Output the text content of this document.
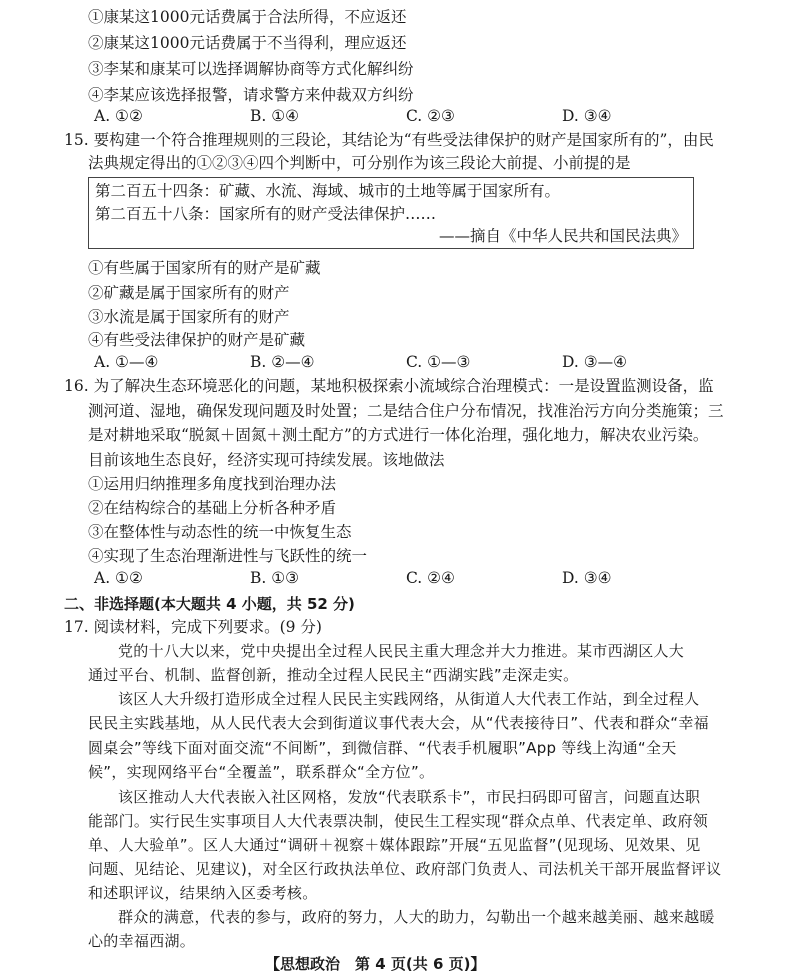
①康某这1000元话费属于合法所得，不应返还
②康某这1000元话费属于不当得利，理应返还
③李某和康某可以选择调解协商等方式化解纠纷
④李某应该选择报警，请求警方来仲裁双方纠纷
A. ①②	B. ①④	C. ②③	D. ③④
15. 要构建一个符合推理规则的三段论，其结论为“有些受法律保护的财产是国家所有的”，由民
法典规定得出的①②③④四个判断中，可分别作为该三段论大前提、小前提的是
第二百五十四条：矿藏、水流、海域、城市的土地等属于国家所有。
第二百五十八条：国家所有的财产受法律保护……
——摘自《中华人民共和国民法典》
①有些属于国家所有的财产是矿藏
②矿藏是属于国家所有的财产
③水流是属于国家所有的财产
④有些受法律保护的财产是矿藏
A. ①—④	B. ②—④	C. ①—③	D. ③—④
16. 为了解决生态环境恶化的问题，某地积极探索小流域综合治理模式：一是设置监测设备，监
测河道、湿地，确保发现问题及时处置；二是结合住户分布情况，找准治污方向分类施策；三
是对耕地采取“脱氮＋固氮＋测土配方”的方式进行一体化治理，强化地力，解决农业污染。
目前该地生态良好，经济实现可持续发展。该地做法
①运用归纳推理多角度找到治理办法
②在结构综合的基础上分析各种矛盾
③在整体性与动态性的统一中恢复生态
④实现了生态治理渐进性与飞跃性的统一
A. ①②	B. ①③	C. ②④	D. ③④
二、非选择题(本大题共 4 小题，共 52 分)
17. 阅读材料，完成下列要求。(9 分)
党的十八大以来，党中央提出全过程人民民主重大理念并大力推进。某市西湖区人大
通过平台、机制、监督创新，推动全过程人民民主“西湖实践”走深走实。
该区人大升级打造形成全过程人民民主实践网络，从街道人大代表工作站，到全过程人
民民主实践基地，从人民代表大会到街道议事代表大会，从“代表接待日”、代表和群众“幸福
圆桌会”等线下面对面交流“不间断”，到微信群、“代表手机履职”App 等线上沟通“全天
候”，实现网络平台“全覆盖”，联系群众“全方位”。
该区推动人大代表嵌入社区网格，发放“代表联系卡”，市民扫码即可留言，问题直达职
能部门。实行民生实事项目人大代表票决制，使民生工程实现“群众点单、代表定单、政府领
单、人大验单”。区人大通过“调研＋视察＋媒体跟踪”开展“五见监督”(见现场、见效果、见
问题、见结论、见建议)，对全区行政执法单位、政府部门负责人、司法机关干部开展监督评议
和述职评议，结果纳入区委考核。
群众的满意，代表的参与，政府的努力，人大的助力，勾勒出一个越来越美丽、越来越暖
心的幸福西湖。
【思想政治　第 4 页(共 6 页)】
